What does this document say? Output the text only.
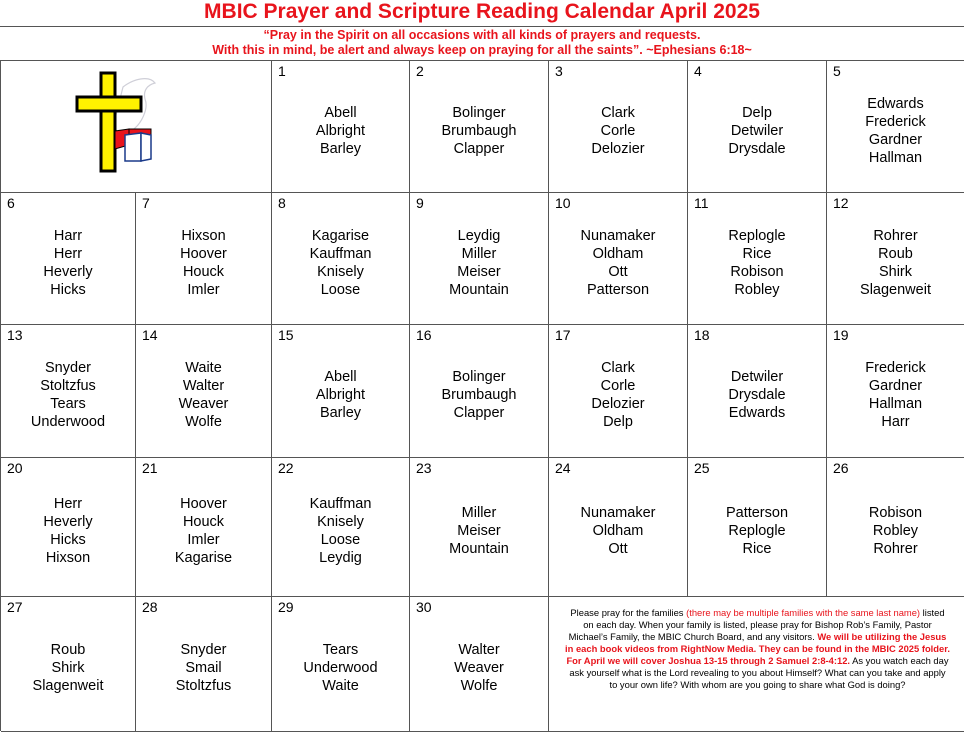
MBIC Prayer and Scripture Reading Calendar April 2025
“Pray in the Spirit on all occasions with all kinds of prayers and requests.
With this in mind, be alert and always keep on praying for all the saints”. ~Ephesians 6:18~
1
Abell
Albright
Barley
2
Bolinger
Brumbaugh
Clapper
3
Clark
Corle
Delozier
4
Delp
Detwiler
Drysdale
5
Edwards
Frederick
Gardner
Hallman
6
Harr
Herr
Heverly
Hicks
7
Hixson
Hoover
Houck
Imler
8
Kagarise
Kauffman
Knisely
Loose
9
Leydig
Miller
Meiser
Mountain
10
Nunamaker
Oldham
Ott
Patterson
11
Replogle
Rice
Robison
Robley
12
Rohrer
Roub
Shirk
Slagenweit
13
Snyder
Stoltzfus
Tears
Underwood
14
Waite
Walter
Weaver
Wolfe
15
Abell
Albright
Barley
16
Bolinger
Brumbaugh
Clapper
17
Clark
Corle
Delozier
Delp
18
Detwiler
Drysdale
Edwards
19
Frederick
Gardner
Hallman
Harr
20
Herr
Heverly
Hicks
Hixson
21
Hoover
Houck
Imler
Kagarise
22
Kauffman
Knisely
Loose
Leydig
23
Miller
Meiser
Mountain
24
Nunamaker
Oldham
Ott
25
Patterson
Replogle
Rice
26
Robison
Robley
Rohrer
27
Roub
Shirk
Slagenweit
28
Snyder
Smail
Stoltzfus
29
Tears
Underwood
Waite
30
Walter
Weaver
Wolfe
Please pray for the families (there may be multiple families with the same last name) listed on each day. When your family is listed, please pray for Bishop Rob’s Family, Pastor Michael’s Family, the MBIC Church Board, and any visitors. We will be utilizing the Jesus in each book videos from RightNow Media. They can be found in the MBIC 2025 folder. For April we will cover Joshua 13-15 through 2 Samuel 2:8-4:12. As you watch each day ask yourself what is the Lord revealing to you about Himself? What can you take and apply to your own life? With whom are you going to share what God is doing?
